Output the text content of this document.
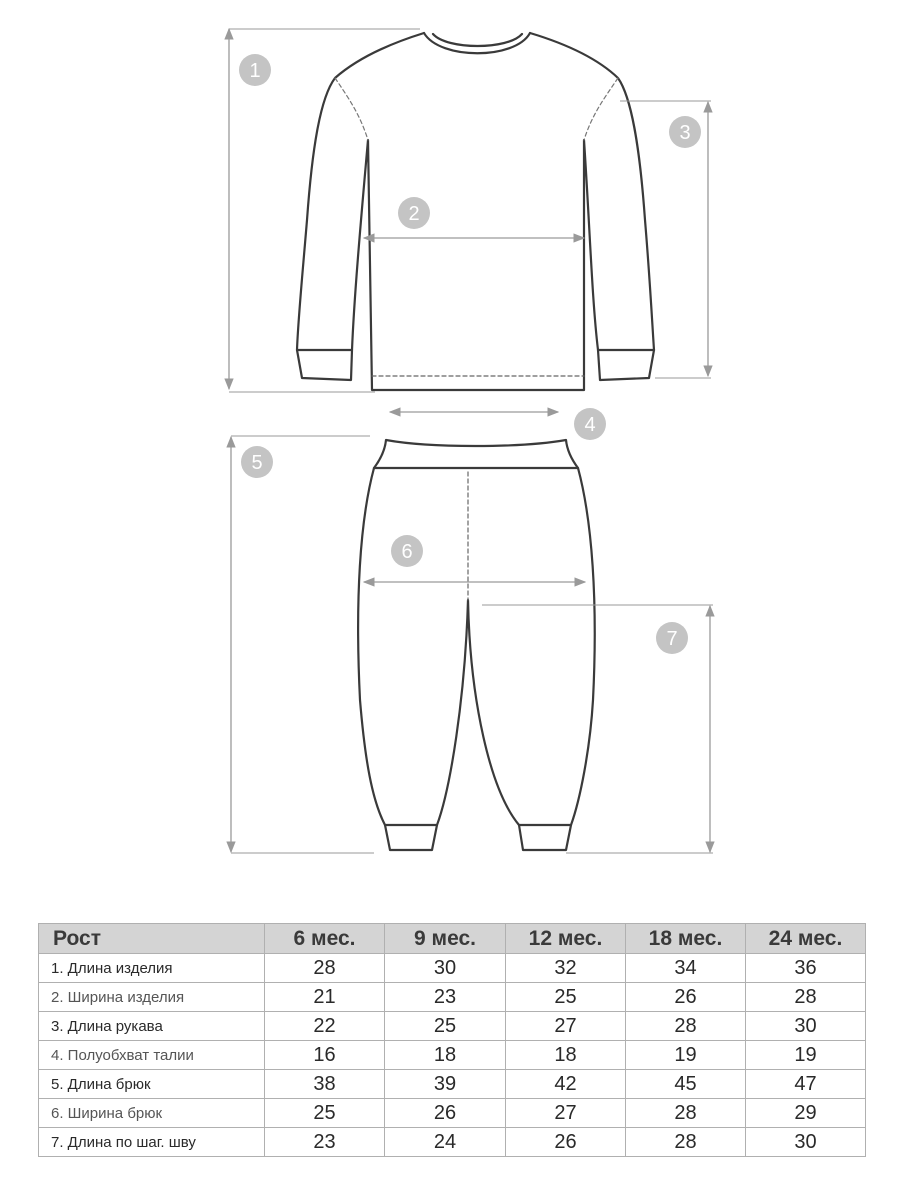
1
2
3
4
5
6
7
Рост	6 мес.	9 мес.	12 мес.	18 мес.	24 мес.
1. Длина изделия	28	30	32	34	36
2. Ширина изделия	21	23	25	26	28
3. Длина рукава	22	25	27	28	30
4. Полуобхват талии	16	18	18	19	19
5. Длина брюк	38	39	42	45	47
6. Ширина брюк	25	26	27	28	29
7. Длина по шаг. шву	23	24	26	28	30
